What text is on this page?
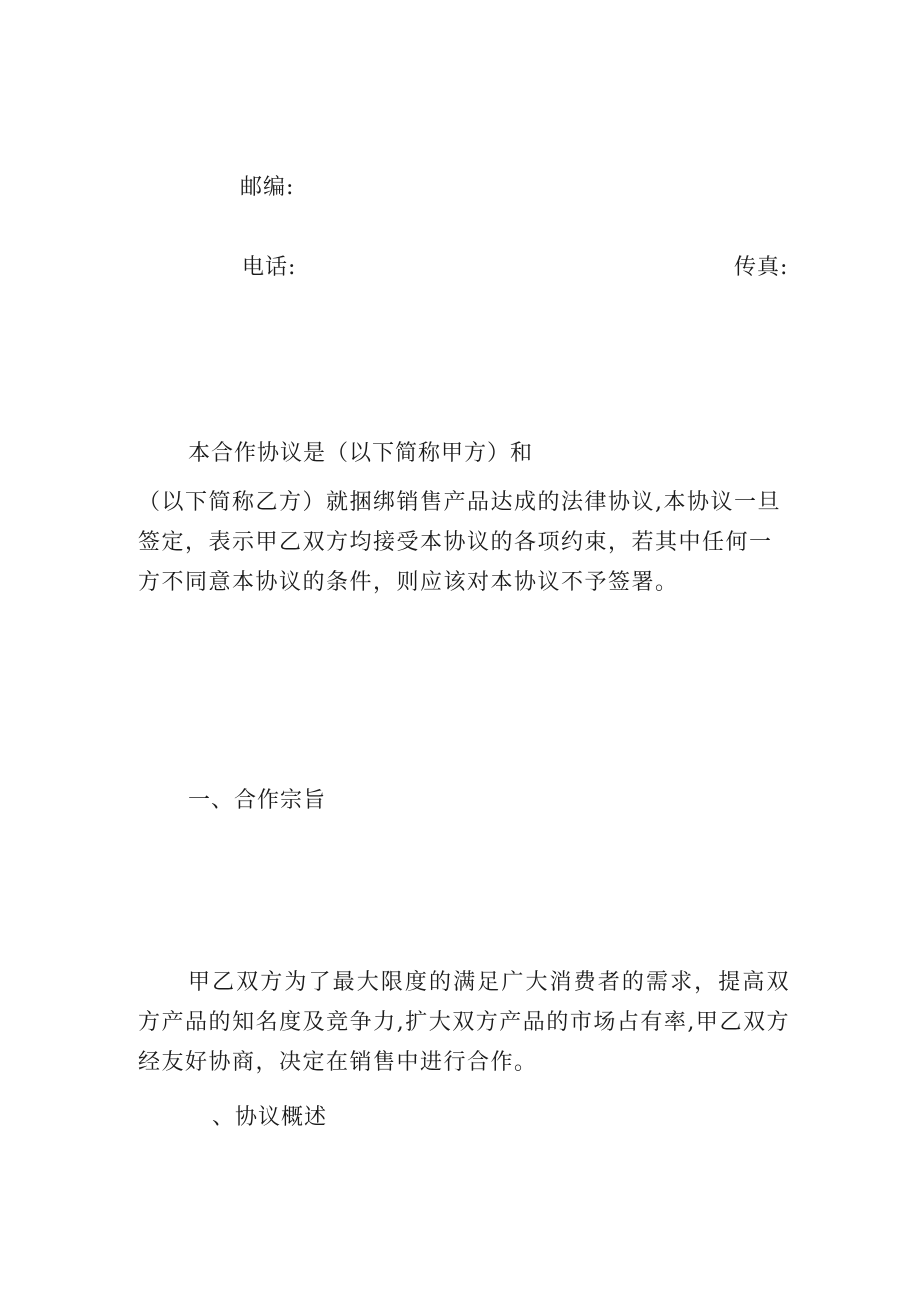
邮编:
电话:	传真:
本合作协议是（以下简称甲方）和
（以下简称乙方）就捆绑销售产品达成的法律协议,本协议一旦签定，表示甲乙双方均接受本协议的各项约束，若其中任何一方不同意本协议的条件，则应该对本协议不予签署。
一、合作宗旨
甲乙双方为了最大限度的满足广大消费者的需求，提高双方产品的知名度及竞争力,扩大双方产品的市场占有率,甲乙双方经友好协商，决定在销售中进行合作。
、协议概述
